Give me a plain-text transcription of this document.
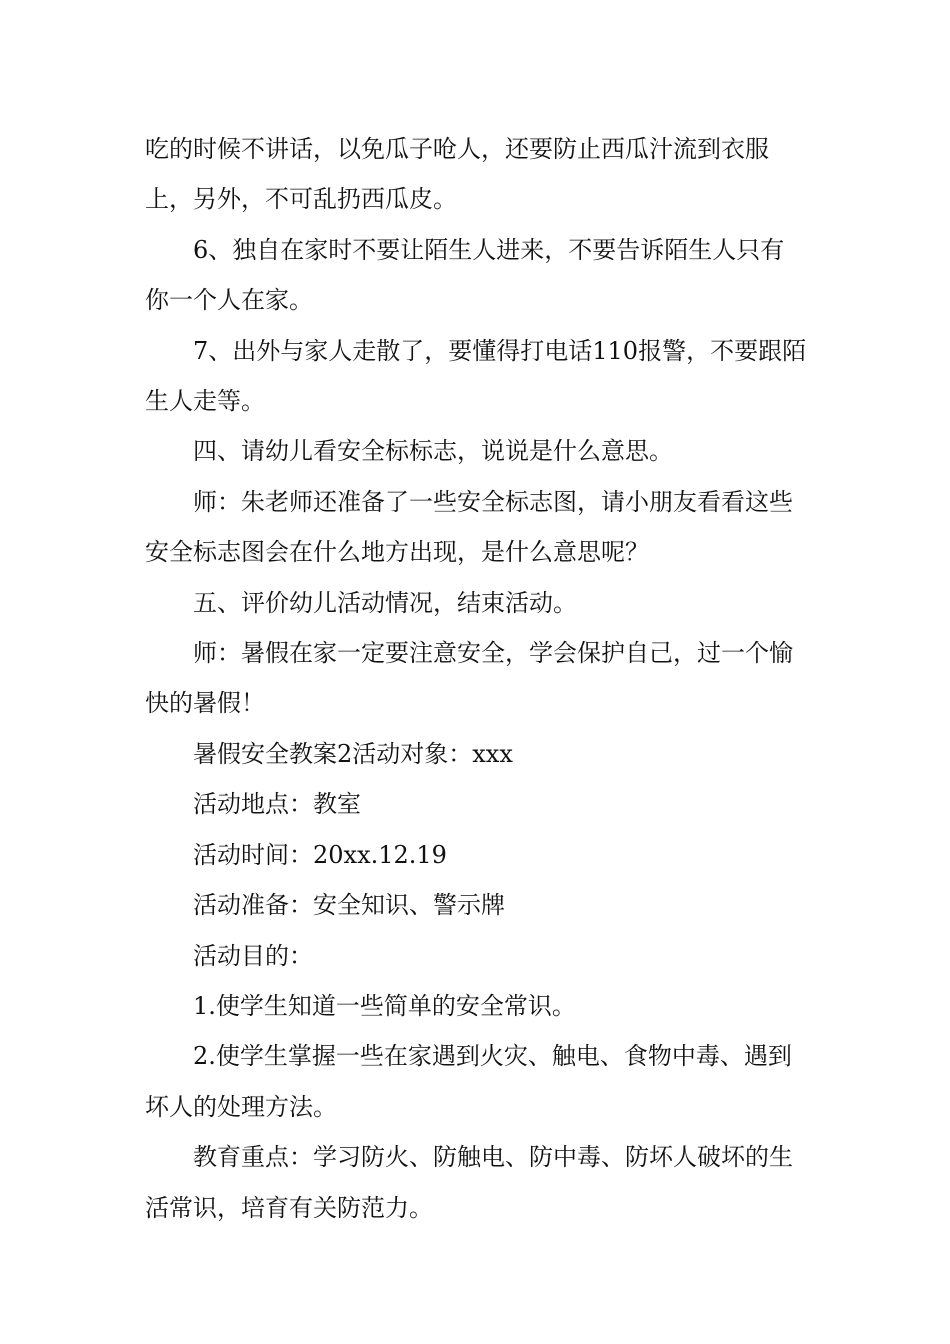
吃的时候不讲话，以免瓜子呛人，还要防止西瓜汁流到衣服上，另外，不可乱扔西瓜皮。

6、独自在家时不要让陌生人进来，不要告诉陌生人只有你一个人在家。

7、出外与家人走散了，要懂得打电话110报警，不要跟陌生人走等。

四、请幼儿看安全标标志，说说是什么意思。

师：朱老师还准备了一些安全标志图，请小朋友看看这些安全标志图会在什么地方出现，是什么意思呢？

五、评价幼儿活动情况，结束活动。

师：暑假在家一定要注意安全，学会保护自己，过一个愉快的暑假！

暑假安全教案2活动对象：xxx

活动地点：教室

活动时间：20xx.12.19

活动准备：安全知识、警示牌

活动目的：

1.使学生知道一些简单的安全常识。

2.使学生掌握一些在家遇到火灾、触电、食物中毒、遇到坏人的处理方法。

教育重点：学习防火、防触电、防中毒、防坏人破坏的生活常识，培育有关防范力。
